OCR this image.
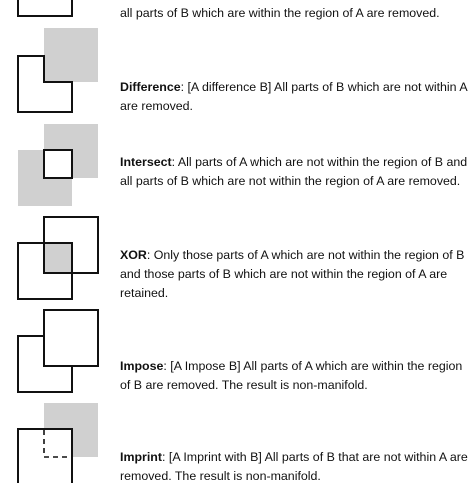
all parts of B which are within the region of A are removed.
Difference: [A difference B] All parts of B which are not within A are removed.
Intersect: All parts of A which are not within the region of B and all parts of B which are not within the region of A are removed.
XOR: Only those parts of A which are not within the region of B and those parts of B which are not within the region of A are retained.
Impose: [A Impose B] All parts of A which are within the region of B are removed. The result is non-manifold.
Imprint: [A Imprint with B] All parts of B that are not within A are removed. The result is non-manifold.
